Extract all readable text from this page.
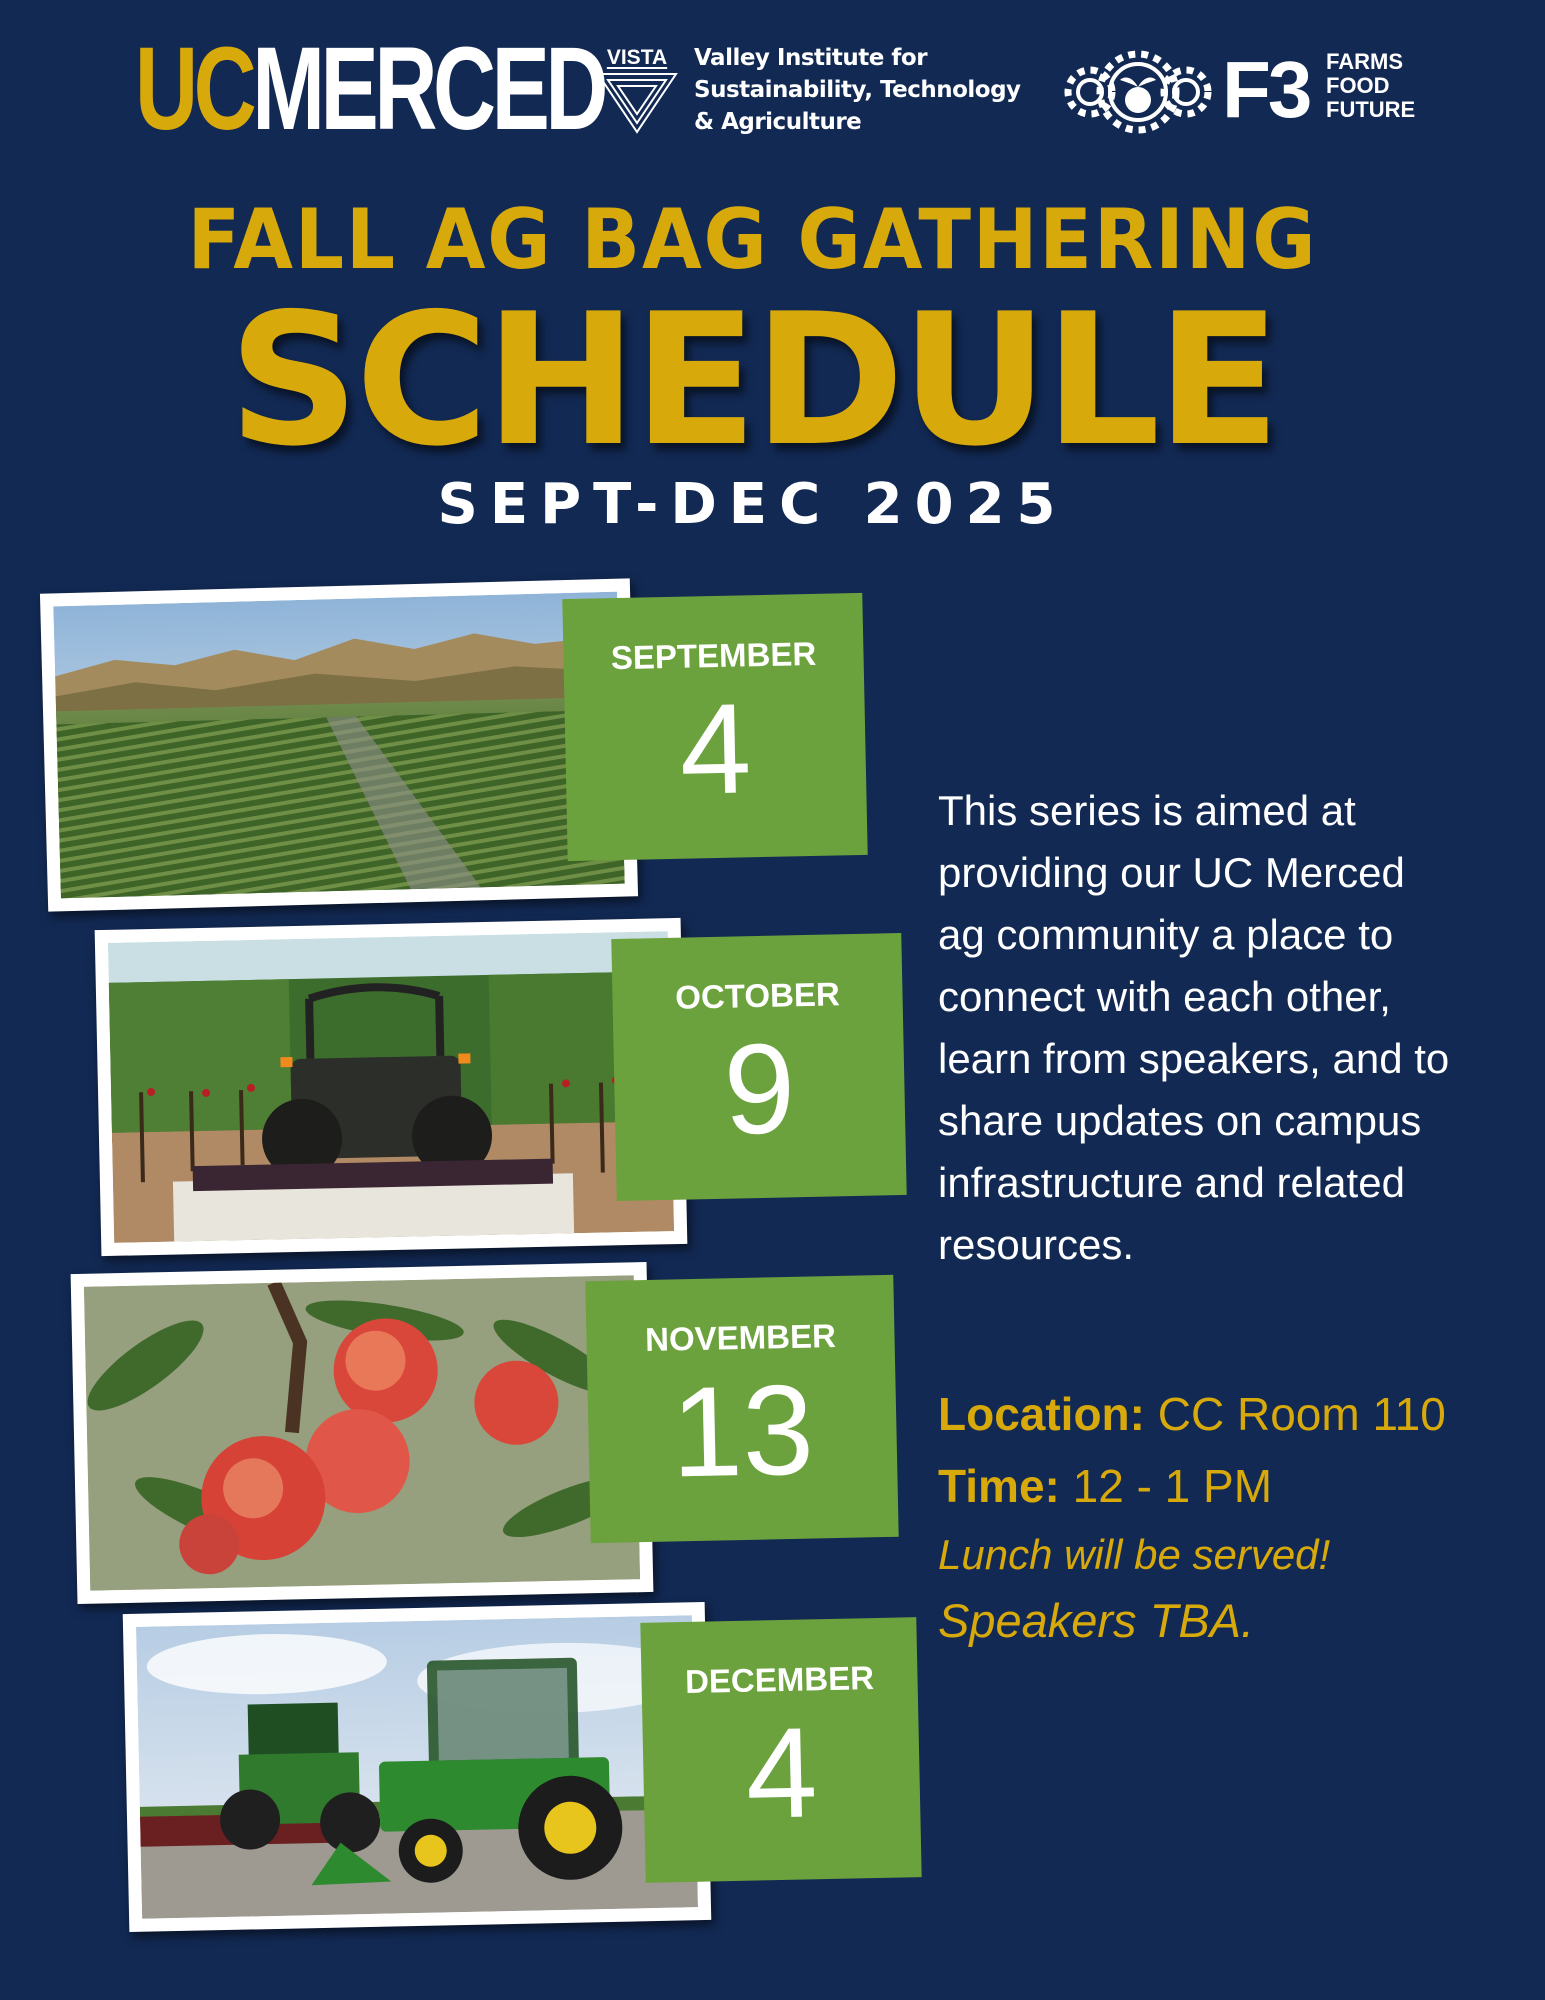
UCMERCED VISTA	Valley Institute for
Sustainability, Technology
& Agriculture	F3 FARMS
FOOD
FUTURE
FALL AG BAG GATHERING
SCHEDULE
SEPT-DEC 2025
SEPTEMBER
4
OCTOBER
9
NOVEMBER
13
DECEMBER
4
This series is aimed at
providing our UC Merced
ag community a place to
connect with each other,
learn from speakers, and to
share updates on campus
infrastructure and related
resources.
Location: CC Room 110
Time: 12 - 1 PM
Lunch will be served!
Speakers TBA.
